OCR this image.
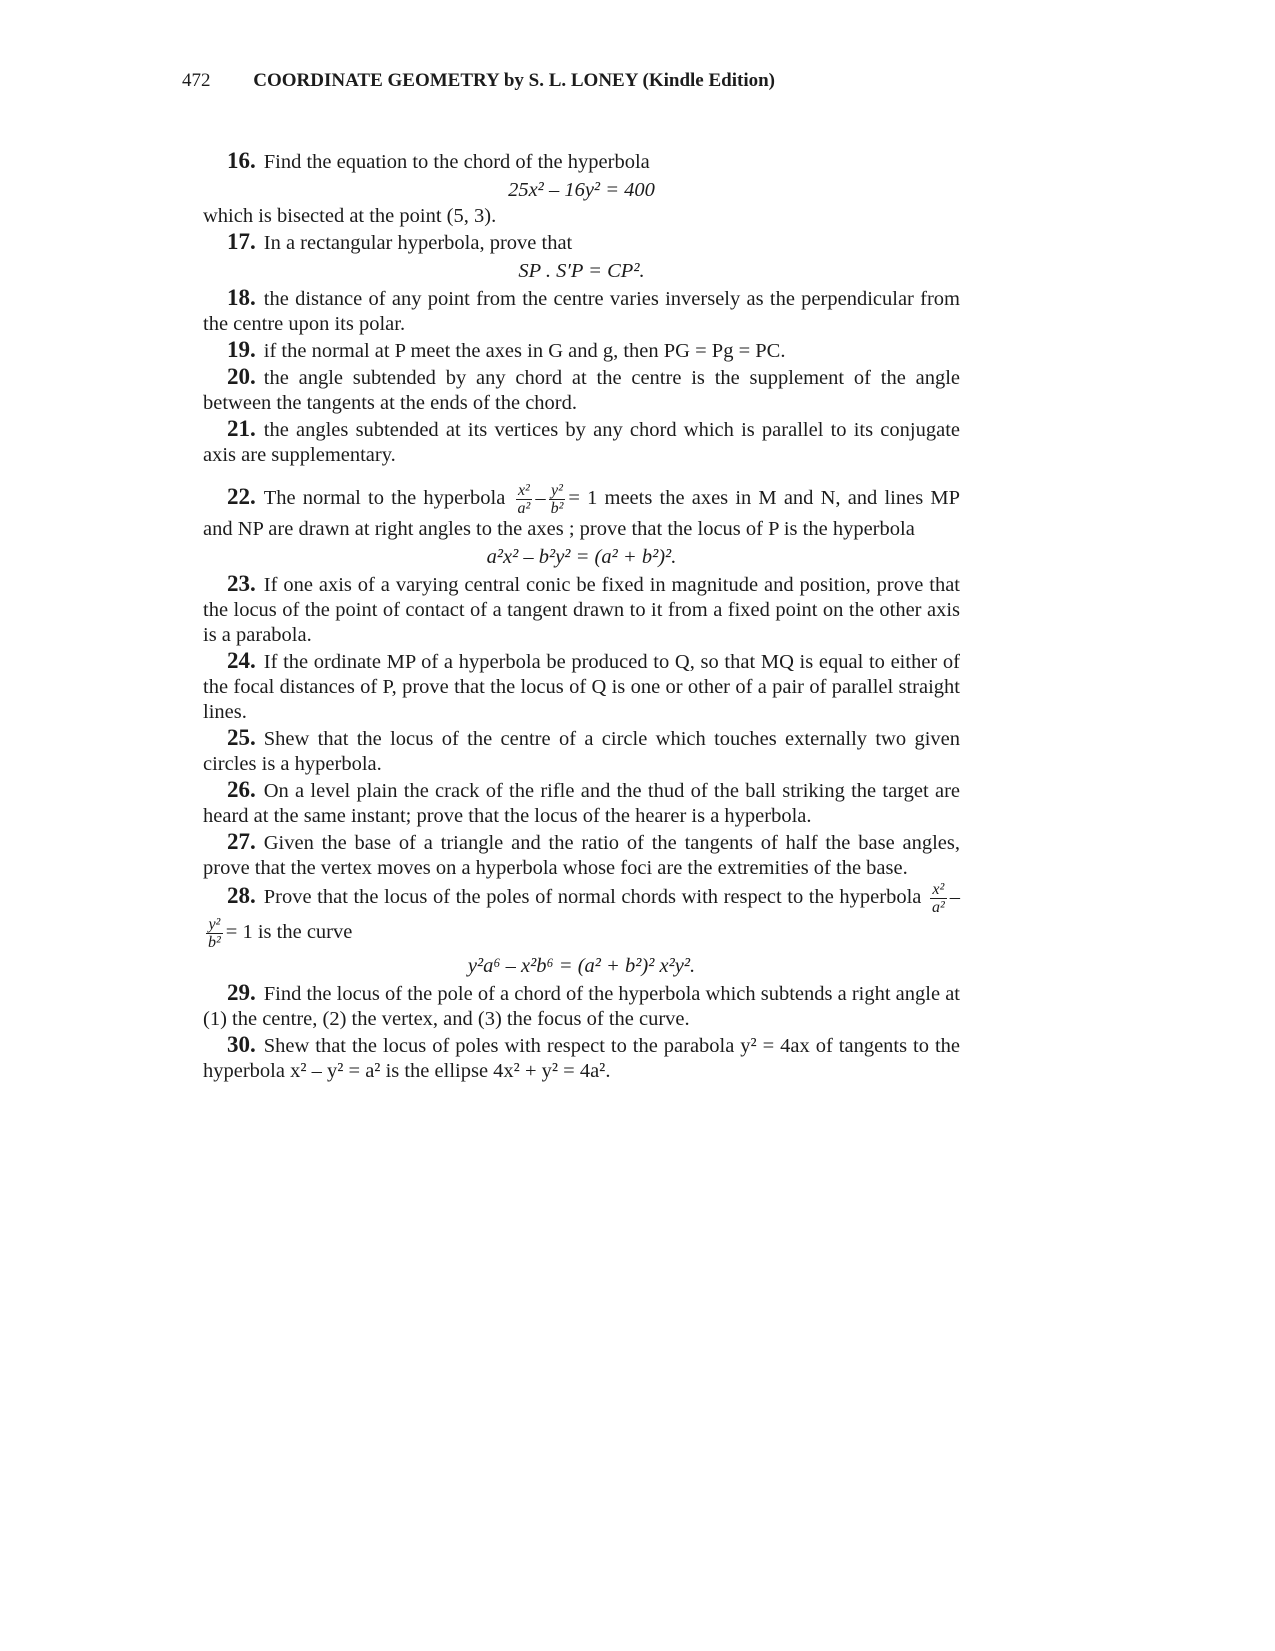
472 COORDINATE GEOMETRY by S. L. LONEY (Kindle Edition)

16. Find the equation to the chord of the hyperbola

25x² – 16y² = 400

which is bisected at the point (5, 3).

17. In a rectangular hyperbola, prove that

SP . S′P = CP².

18. the distance of any point from the centre varies inversely as the perpendicular from the centre upon its polar.

19. if the normal at P meet the axes in G and g, then PG = Pg = PC.

20. the angle subtended by any chord at the centre is the supplement of the angle between the tangents at the ends of the chord.

21. the angles subtended at its vertices by any chord which is parallel to its conjugate axis are supplementary.

22. The normal to the hyperbola $\frac{\text{x²}}{\text{a²}} - \frac{\text{y²}}{\text{b²}} = 1$ meets the axes in M and N, and lines MP and NP are drawn at right angles to the axes ; prove that the locus of P is the hyperbola

a²x² – b²y² = (a² + b²)².

23. If one axis of a varying central conic be fixed in magnitude and position, prove that the locus of the point of contact of a tangent drawn to it from a fixed point on the other axis is a parabola.

24. If the ordinate MP of a hyperbola be produced to Q, so that MQ is equal to either of the focal distances of P, prove that the locus of Q is one or other of a pair of parallel straight lines.

25. Shew that the locus of the centre of a circle which touches externally two given circles is a hyperbola.

26. On a level plain the crack of the rifle and the thud of the ball striking the target are heard at the same instant; prove that the locus of the hearer is a hyperbola.

27. Given the base of a triangle and the ratio of the tangents of half the base angles, prove that the vertex moves on a hyperbola whose foci are the extremities of the base.

28. Prove that the locus of the poles of normal chords with respect to the hyperbola $\frac{\text{x²}}{\text{a²}}$ –
$\frac{\text{y²}}{\text{b²}} = 1$ is the curve

y²a⁶ – x²b⁶ = (a² + b²)² x²y².

29. Find the locus of the pole of a chord of the hyperbola which subtends a right angle at (1) the centre, (2) the vertex, and (3) the focus of the curve.

30. Shew that the locus of poles with respect to the parabola y² = 4ax of tangents to the hyperbola x² – y² = a² is the ellipse 4x² + y² = 4a².
